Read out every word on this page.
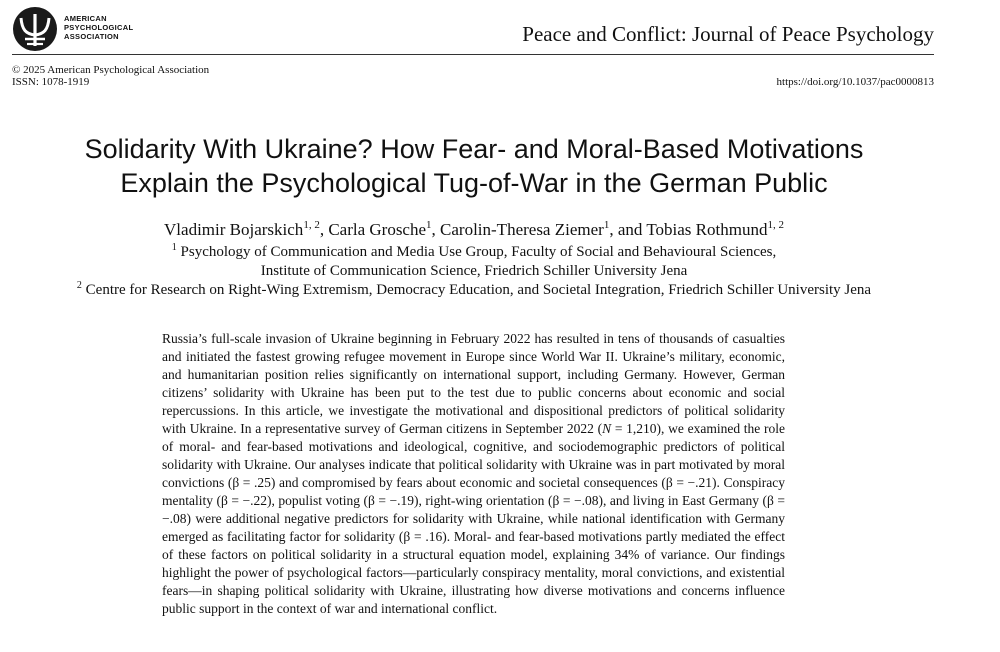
AMERICAN
PSYCHOLOGICAL
ASSOCIATION	Peace and Conflict: Journal of Peace Psychology
© 2025 American Psychological Association
ISSN: 1078-1919	https://doi.org/10.1037/pac0000813
Solidarity With Ukraine? How Fear- and Moral-Based Motivations
Explain the Psychological Tug-of-War in the German Public
Vladimir Bojarskich$^{1, 2}$, Carla Grosche$^1$, Carolin-Theresa Ziemer$^1$, and Tobias Rothmund$^{1, 2}$
$^1$ Psychology of Communication and Media Use Group, Faculty of Social and Behavioural Sciences,
Institute of Communication Science, Friedrich Schiller University Jena
$^2$ Centre for Research on Right-Wing Extremism, Democracy Education, and Societal Integration, Friedrich Schiller University Jena
Russia’s full-scale invasion of Ukraine beginning in February 2022 has resulted in tens of thousands of casualties and initiated the fastest growing refugee movement in Europe since World War II. Ukraine’s military, economic, and humanitarian position relies significantly on international support, including Germany. However, German citizens’ solidarity with Ukraine has been put to the test due to public concerns about economic and social repercussions. In this article, we investigate the motivational and dispositional predictors of political solidarity with Ukraine. In a representative survey of German citizens in September 2022 (N = 1,210), we examined the role of moral- and fear-based motivations and ideological, cognitive, and sociodemographic predictors of political solidarity with Ukraine. Our analyses indicate that political solidarity with Ukraine was in part motivated by moral convictions (β = .25) and compromised by fears about economic and societal consequences (β = −.21). Conspiracy mentality (β = −.22), populist voting (β = −.19), right-wing orientation (β = −.08), and living in East Germany (β = −.08) were additional negative predictors for solidarity with Ukraine, while national identification with Germany emerged as facilitating factor for solidarity (β = .16). Moral- and fear-based motivations partly mediated the effect of these factors on political solidarity in a structural equation model, explaining 34% of variance. Our findings highlight the power of psychological factors—particularly conspiracy mentality, moral convictions, and existential fears—in shaping political solidarity with Ukraine, illustrating how diverse motivations and concerns influence public support in the context of war and international conflict.
